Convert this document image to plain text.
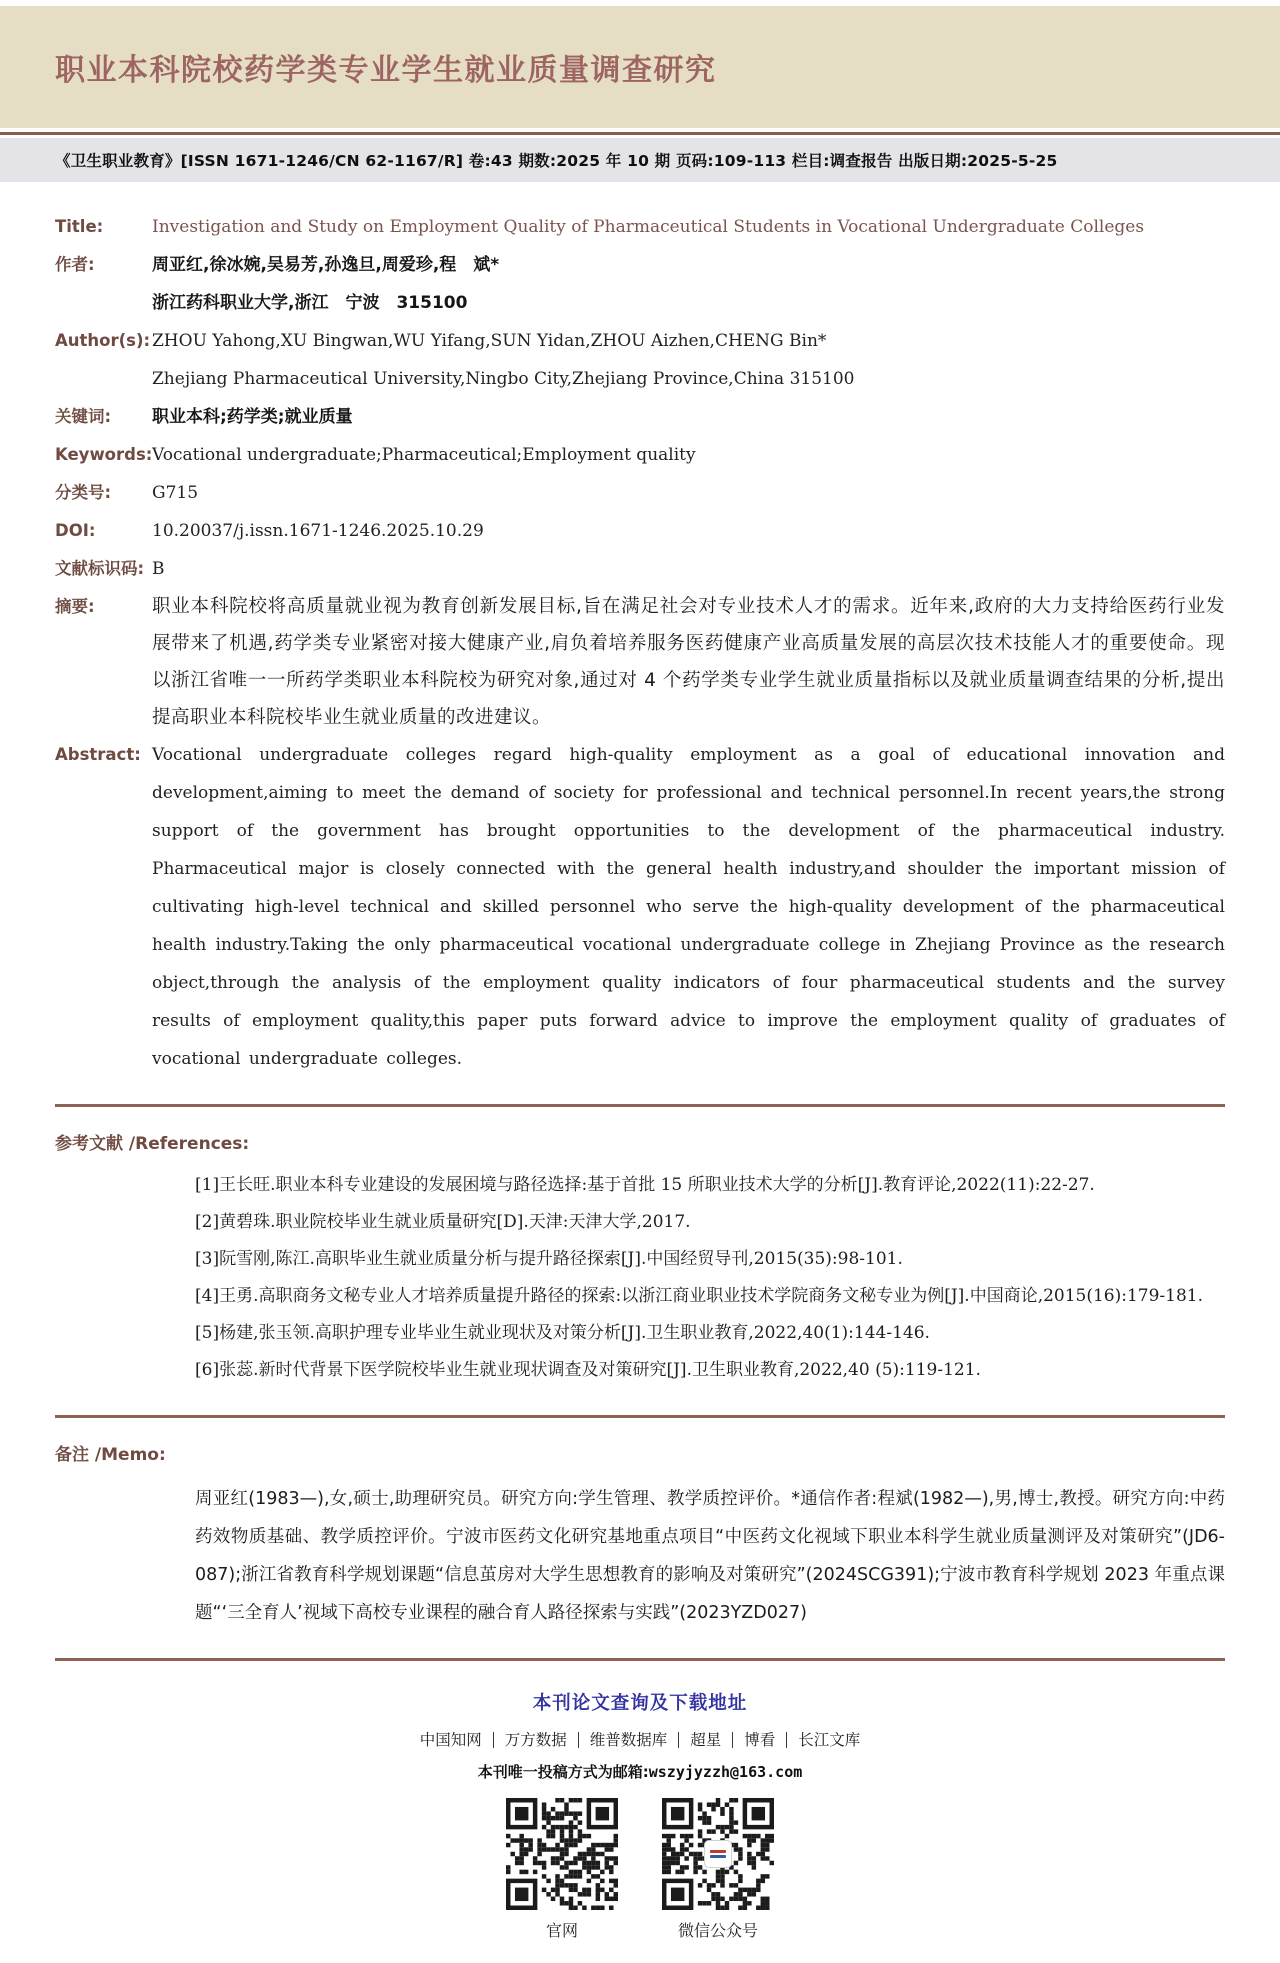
职业本科院校药学类专业学生就业质量调查研究
《卫生职业教育》[ISSN 1671-1246/CN 62-1167/R] 卷:43 期数:2025 年 10 期 页码:109-113 栏目:调查报告 出版日期:2025-5-25
Title:	Investigation and Study on Employment Quality of Pharmaceutical Students in Vocational Undergraduate Colleges
作者:	周亚红,徐冰婉,吴易芳,孙逸旦,周爱珍,程　斌*
浙江药科职业大学,浙江　宁波　315100
Author(s): ZHOU Yahong,XU Bingwan,WU Yifang,SUN Yidan,ZHOU Aizhen,CHENG Bin*
Zhejiang Pharmaceutical University,Ningbo City,Zhejiang Province,China 315100
关键词:	职业本科;药学类;就业质量
Keywords: Vocational undergraduate;Pharmaceutical;Employment quality
分类号:	G715
DOI:	10.20037/j.issn.1671-1246.2025.10.29
文献标识码: B
摘要:	职业本科院校将高质量就业视为教育创新发展目标,旨在满足社会对专业技术人才的需求。近年来,政府的大力支持给医药行业发展带来了机遇,药学类专业紧密对接大健康产业,肩负着培养服务医药健康产业高质量发展的高层次技术技能人才的重要使命。现以浙江省唯一一所药学类职业本科院校为研究对象,通过对 4 个药学类专业学生就业质量指标以及就业质量调查结果的分析,提出提高职业本科院校毕业生就业质量的改进建议。
Abstract: Vocational undergraduate colleges regard high-quality employment as a goal of educational innovation and development,aiming to meet the demand of society for professional and technical personnel.In recent years,the strong support of the government has brought opportunities to the development of the pharmaceutical industry. Pharmaceutical major is closely connected with the general health industry,and shoulder the important mission of cultivating high-level technical and skilled personnel who serve the high-quality development of the pharmaceutical health industry.Taking the only pharmaceutical vocational undergraduate college in Zhejiang Province as the research object,through the analysis of the employment quality indicators of four pharmaceutical students and the survey results of employment quality,this paper puts forward advice to improve the employment quality of graduates of vocational undergraduate colleges.
参考文献 /References:
[1]王长旺.职业本科专业建设的发展困境与路径选择:基于首批 15 所职业技术大学的分析[J].教育评论,2022(11):22-27.
[2]黄碧珠.职业院校毕业生就业质量研究[D].天津:天津大学,2017.
[3]阮雪刚,陈江.高职毕业生就业质量分析与提升路径探索[J].中国经贸导刊,2015(35):98-101.
[4]王勇.高职商务文秘专业人才培养质量提升路径的探索:以浙江商业职业技术学院商务文秘专业为例[J].中国商论,2015(16):179-181.
[5]杨建,张玉领.高职护理专业毕业生就业现状及对策分析[J].卫生职业教育,2022,40(1):144-146.
[6]张蕊.新时代背景下医学院校毕业生就业现状调查及对策研究[J].卫生职业教育,2022,40 (5):119-121.
备注 /Memo:
周亚红(1983—),女,硕士,助理研究员。研究方向:学生管理、教学质控评价。*通信作者:程斌(1982—),男,博士,教授。研究方向:中药药效物质基础、教学质控评价。宁波市医药文化研究基地重点项目“中医药文化视域下职业本科学生就业质量测评及对策研究”(JD6-087);浙江省教育科学规划课题“信息茧房对大学生思想教育的影响及对策研究”(2024SCG391);宁波市教育科学规划 2023 年重点课题“‘三全育人’视域下高校专业课程的融合育人路径探索与实践”(2023YZD027)
本刊论文查询及下载地址
中国知网 万方数据 维普数据库 超星 博看 长江文库
本刊唯一投稿方式为邮箱:wszyjyzzh@163.com
官网	微信公众号
